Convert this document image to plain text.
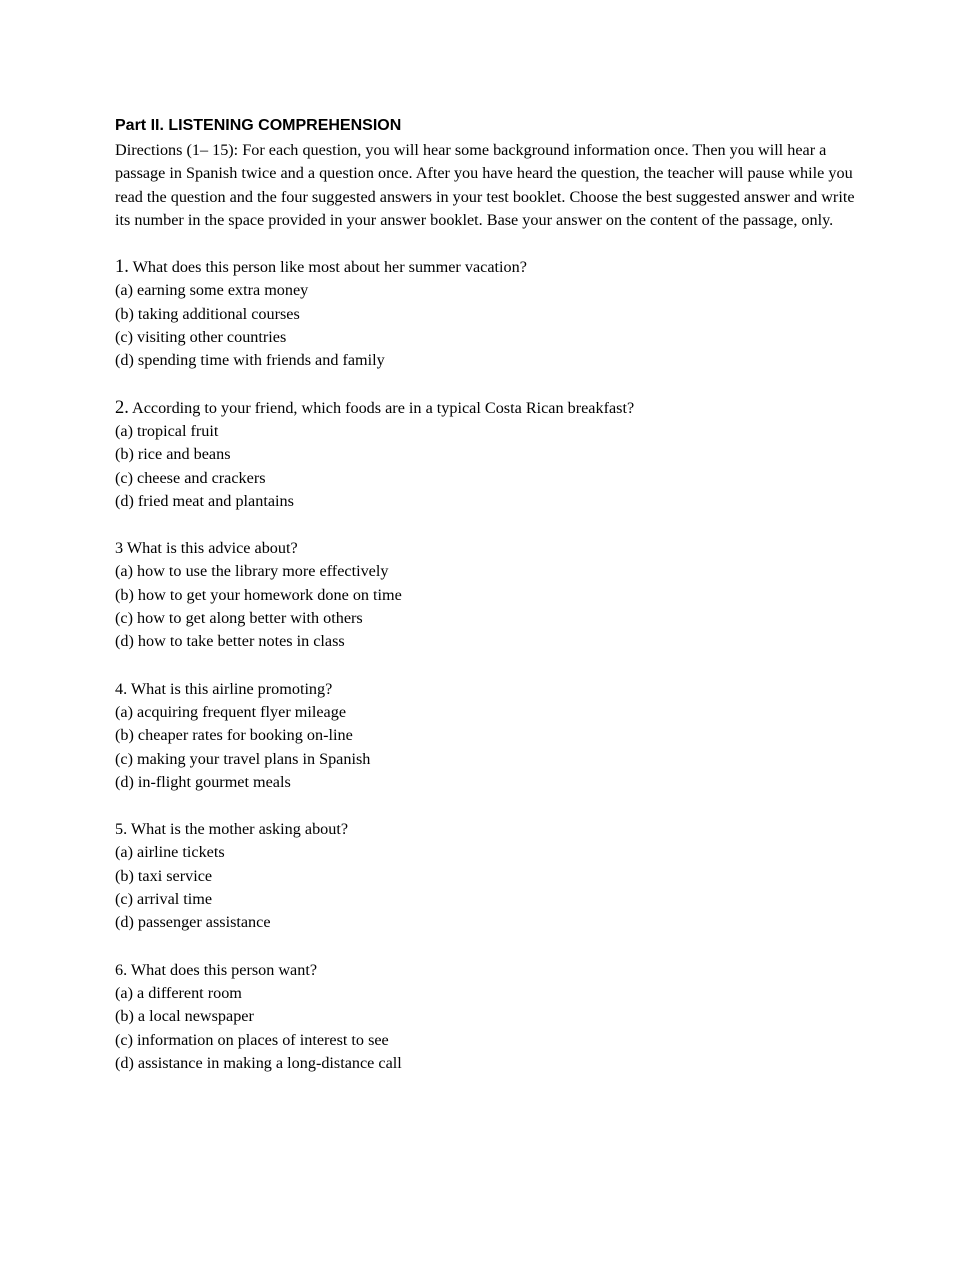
Part II. LISTENING COMPREHENSION

Directions (1– 15): For each question, you will hear some background information once. Then you will hear a passage in Spanish twice and a question once. After you have heard the question, the teacher will pause while you read the question and the four suggested answers in your test booklet. Choose the best suggested answer and write its number in the space provided in your answer booklet. Base your answer on the content of the passage, only.

1. What does this person like most about her summer vacation?
(a) earning some extra money
(b) taking additional courses
(c) visiting other countries
(d) spending time with friends and family
2. According to your friend, which foods are in a typical Costa Rican breakfast?
(a) tropical fruit
(b) rice and beans
(c) cheese and crackers
(d) fried meat and plantains
3 What is this advice about?
(a) how to use the library more effectively
(b) how to get your homework done on time
(c) how to get along better with others
(d) how to take better notes in class
4. What is this airline promoting?
(a) acquiring frequent flyer mileage
(b) cheaper rates for booking on-line
(c) making your travel plans in Spanish
(d) in-flight gourmet meals
5. What is the mother asking about?
(a) airline tickets
(b) taxi service
(c) arrival time
(d) passenger assistance
6. What does this person want?
(a) a different room
(b) a local newspaper
(c) information on places of interest to see
(d) assistance in making a long-distance call
